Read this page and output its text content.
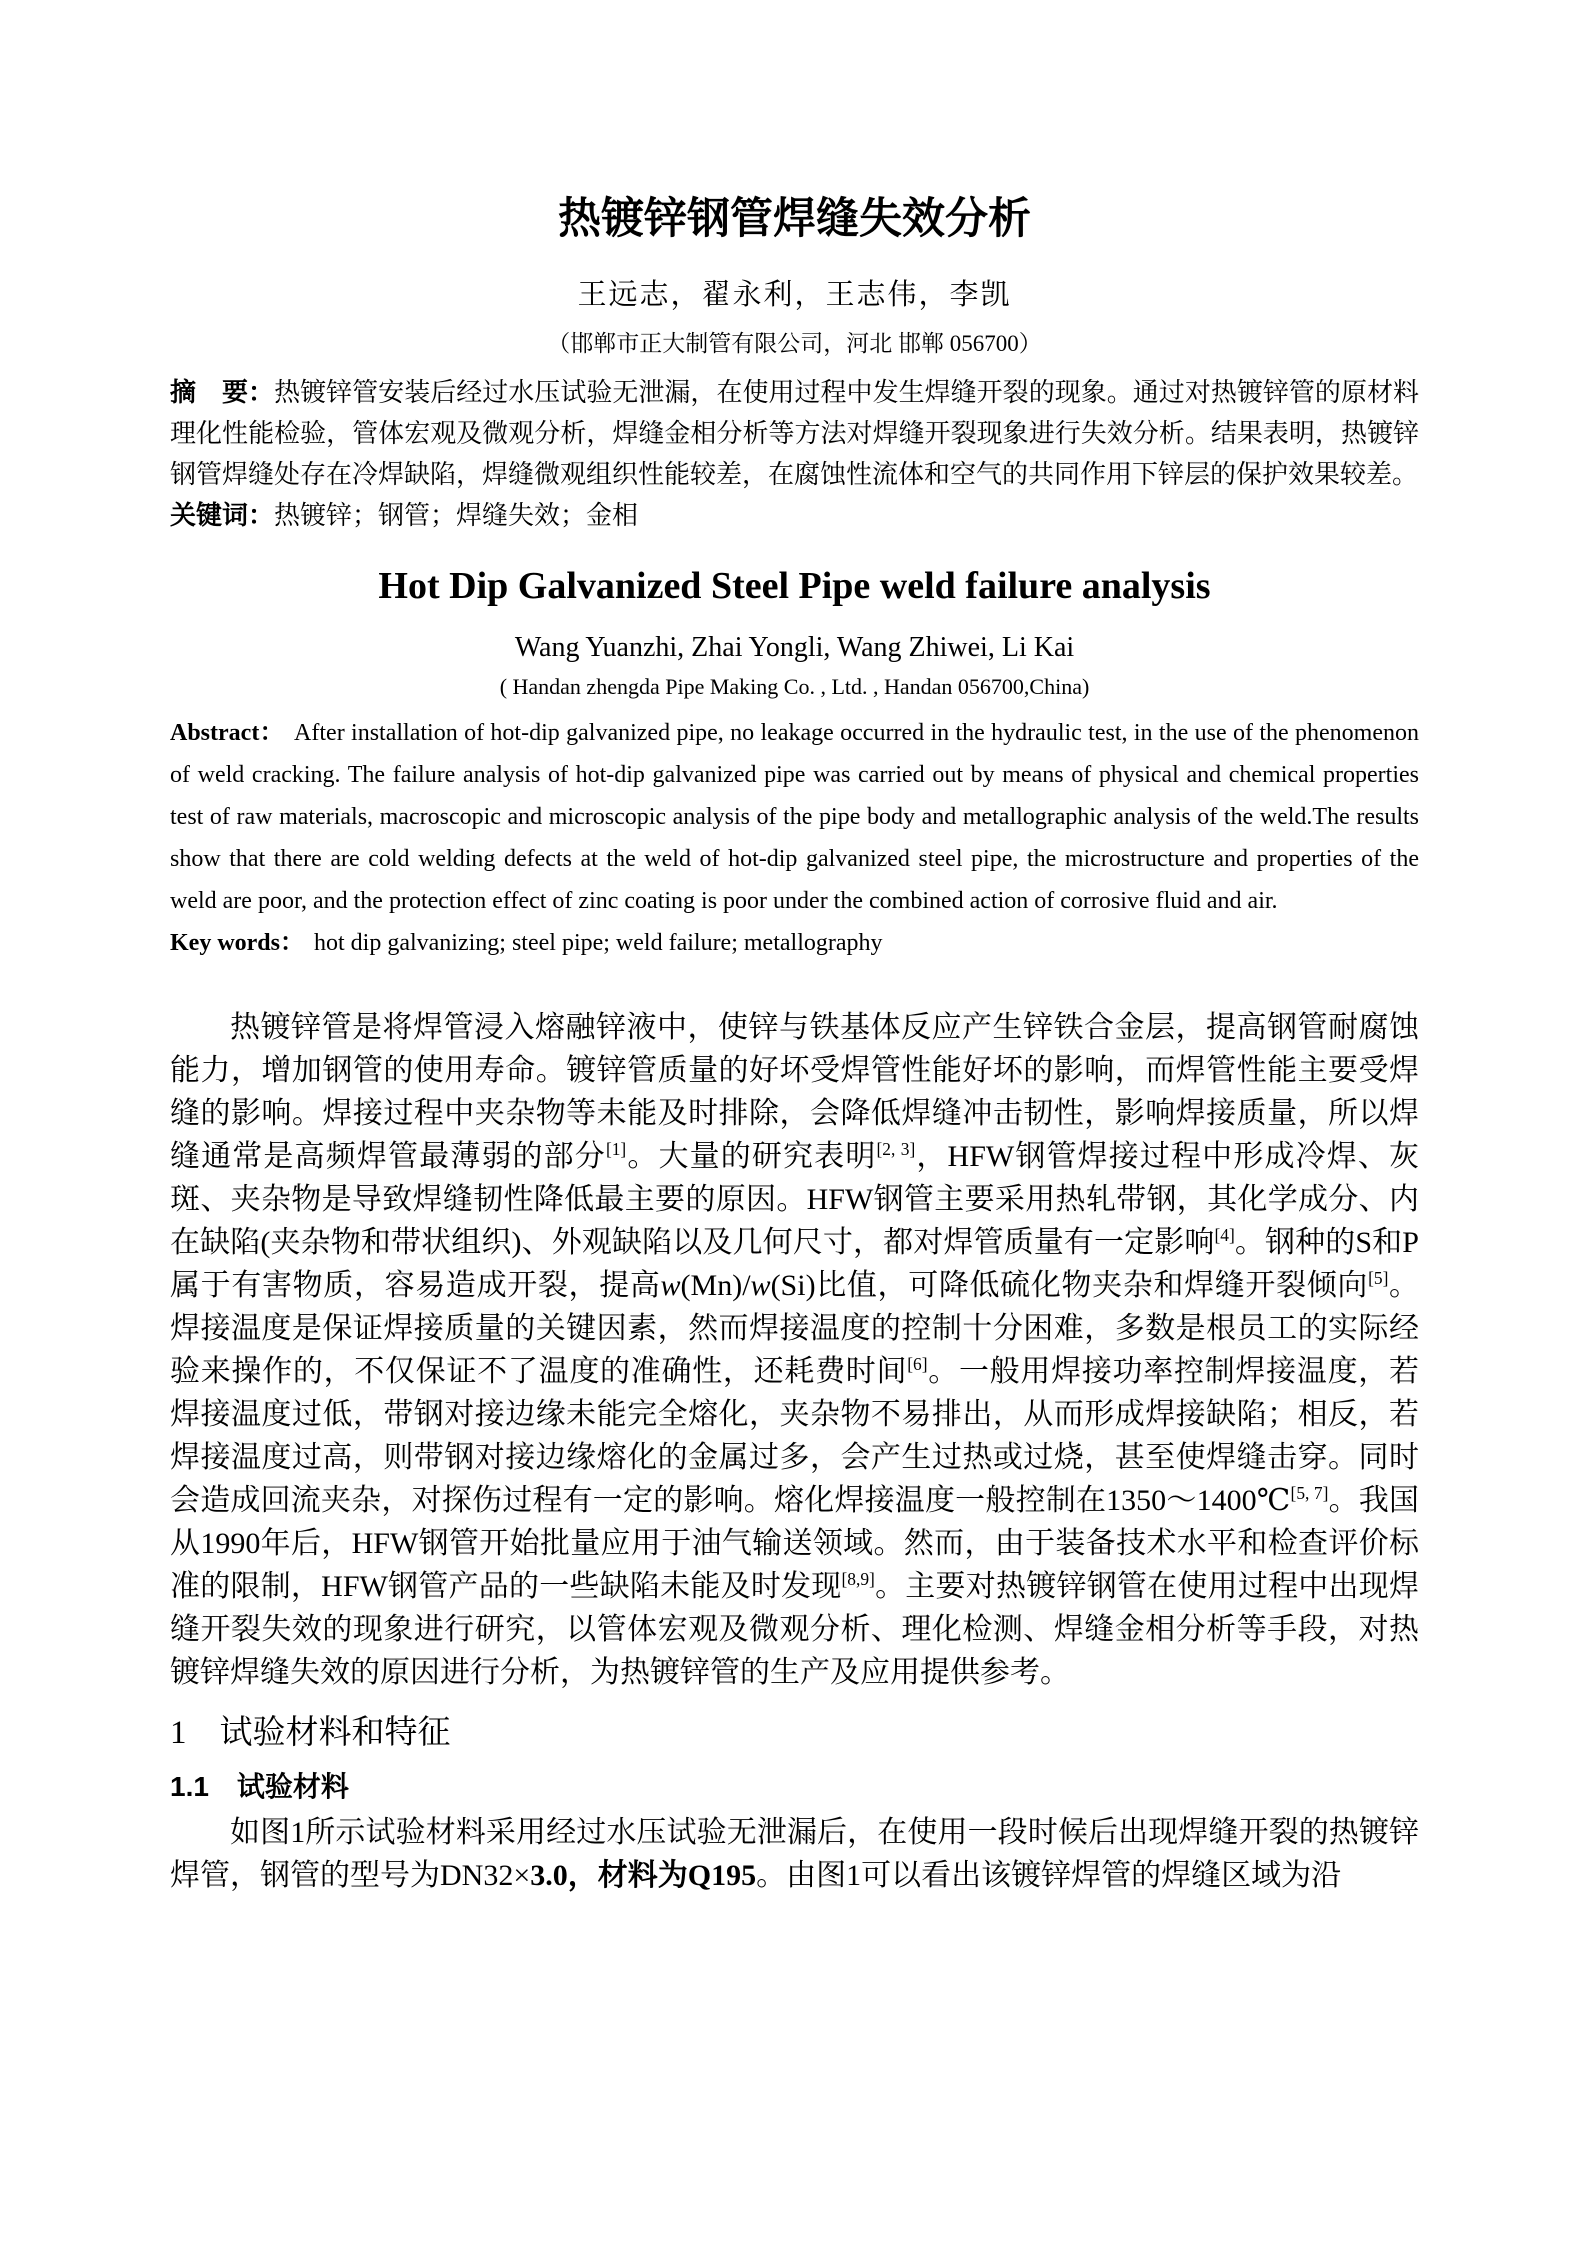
热镀锌钢管焊缝失效分析
王远志，翟永利，王志伟，李凯
（邯郸市正大制管有限公司，河北 邯郸 056700）

摘　要：热镀锌管安装后经过水压试验无泄漏，在使用过程中发生焊缝开裂的现象。通过对热镀锌管的原材料理化性能检验，管体宏观及微观分析，焊缝金相分析等方法对焊缝开裂现象进行失效分析。结果表明，热镀锌钢管焊缝处存在冷焊缺陷，焊缝微观组织性能较差，在腐蚀性流体和空气的共同作用下锌层的保护效果较差。

关键词：热镀锌；钢管；焊缝失效；金相

Hot Dip Galvanized Steel Pipe weld failure analysis
Wang Yuanzhi, Zhai Yongli, Wang Zhiwei, Li Kai
( Handan zhengda Pipe Making Co. , Ltd. , Handan 056700,China)

Abstract： After installation of hot-dip galvanized pipe, no leakage occurred in the hydraulic test, in the use of the phenomenon of weld cracking. The failure analysis of hot-dip galvanized pipe was carried out by means of physical and chemical properties test of raw materials, macroscopic and microscopic analysis of the pipe body and metallographic analysis of the weld.The results show that there are cold welding defects at the weld of hot-dip galvanized steel pipe, the microstructure and properties of the weld are poor, and the protection effect of zinc coating is poor under the combined action of corrosive fluid and air.

Key words： hot dip galvanizing; steel pipe; weld failure; metallography

热镀锌管是将焊管浸入熔融锌液中，使锌与铁基体反应产生锌铁合金层，提高钢管耐腐蚀能力，增加钢管的使用寿命。镀锌管质量的好坏受焊管性能好坏的影响，而焊管性能主要受焊缝的影响。焊接过程中夹杂物等未能及时排除，会降低焊缝冲击韧性，影响焊接质量，所以焊缝通常是高频焊管最薄弱的部分[1]。大量的研究表明[2, 3]，HFW钢管焊接过程中形成冷焊、灰斑、夹杂物是导致焊缝韧性降低最主要的原因。HFW钢管主要采用热轧带钢，其化学成分、内在缺陷(夹杂物和带状组织)、外观缺陷以及几何尺寸，都对焊管质量有一定影响[4]。钢种的S和P属于有害物质，容易造成开裂，提高w(Mn)/w(Si)比值，可降低硫化物夹杂和焊缝开裂倾向[5]。焊接温度是保证焊接质量的关键因素，然而焊接温度的控制十分困难，多数是根员工的实际经验来操作的，不仅保证不了温度的准确性，还耗费时间[6]。一般用焊接功率控制焊接温度，若焊接温度过低，带钢对接边缘未能完全熔化，夹杂物不易排出，从而形成焊接缺陷；相反，若焊接温度过高，则带钢对接边缘熔化的金属过多，会产生过热或过烧，甚至使焊缝击穿。同时会造成回流夹杂，对探伤过程有一定的影响。熔化焊接温度一般控制在1350～1400℃[5, 7]。我国从1990年后，HFW钢管开始批量应用于油气输送领域。然而，由于装备技术水平和检查评价标准的限制，HFW钢管产品的一些缺陷未能及时发现[8,9]。主要对热镀锌钢管在使用过程中出现焊缝开裂失效的现象进行研究，以管体宏观及微观分析、理化检测、焊缝金相分析等手段，对热镀锌焊缝失效的原因进行分析，为热镀锌管的生产及应用提供参考。

1　试验材料和特征
1.1　试验材料

如图1所示试验材料采用经过水压试验无泄漏后，在使用一段时候后出现焊缝开裂的热镀锌焊管，钢管的型号为DN32×3.0，材料为Q195。由图1可以看出该镀锌焊管的焊缝区域为沿
